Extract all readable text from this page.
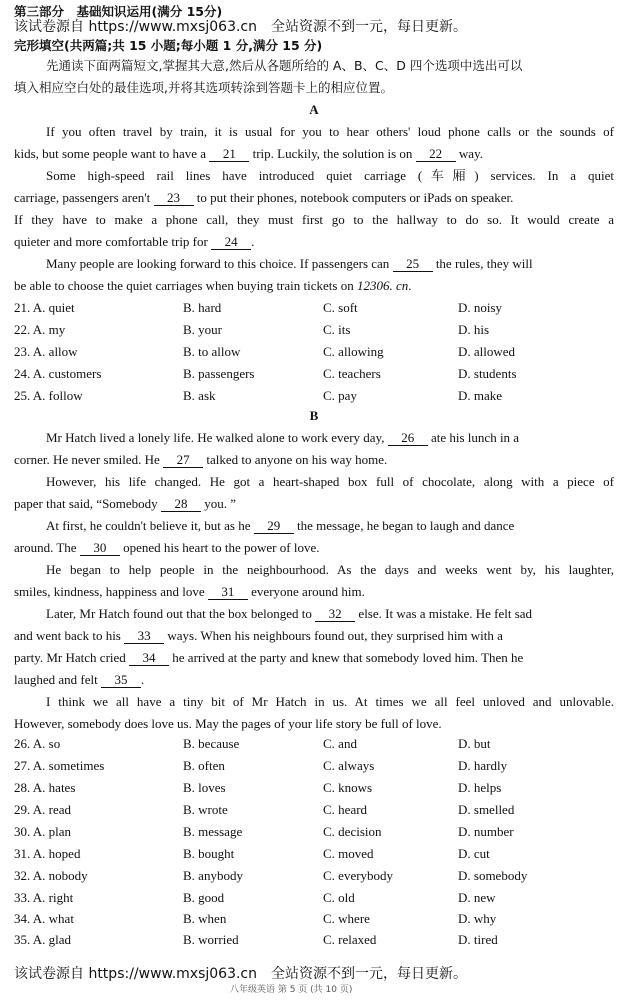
第三部分　基础知识运用(满分 15分)
该试卷源自 https://www.mxsj063.cn　全站资源不到一元，每日更新。
完形填空(共两篇;共 15 小题;每小题 1 分,满分 15 分)
先通读下面两篇短文,掌握其大意,然后从各题所给的 A、B、C、D 四个选项中选出可以
填入相应空白处的最佳选项,并将其选项转涂到答题卡上的相应位置。
A
If you often travel by train, it is usual for you to hear others' loud phone calls or the sounds of
kids, but some people want to have a 21 trip. Luckily, the solution is on 22 way.
Some high-speed rail lines have introduced quiet carriage (车厢) services. In a quiet
carriage, passengers aren't 23 to put their phones, notebook computers or iPads on speaker.
If they have to make a phone call, they must first go to the hallway to do so. It would create a
quieter and more comfortable trip for 24 .
Many people are looking forward to this choice. If passengers can 25 the rules, they will
be able to choose the quiet carriages when buying train tickets on 12306. cn.
21. A. quiet	B. hard	C. soft	D. noisy
22. A. my	B. your	C. its	D. his
23. A. allow	B. to allow	C. allowing	D. allowed
24. A. customers	B. passengers	C. teachers	D. students
25. A. follow	B. ask	C. pay	D. make
B
Mr Hatch lived a lonely life. He walked alone to work every day, 26 ate his lunch in a
corner. He never smiled. He 27 talked to anyone on his way home.
However, his life changed. He got a heart-shaped box full of chocolate, along with a piece of
paper that said, “Somebody 28 you. ”
At first, he couldn't believe it, but as he 29 the message, he began to laugh and dance
around. The 30 opened his heart to the power of love.
He began to help people in the neighbourhood. As the days and weeks went by, his laughter,
smiles, kindness, happiness and love 31 everyone around him.
Later, Mr Hatch found out that the box belonged to 32 else. It was a mistake. He felt sad
and went back to his 33 ways. When his neighbours found out, they surprised him with a
party. Mr Hatch cried 34 he arrived at the party and knew that somebody loved him. Then he
laughed and felt 35 .
I think we all have a tiny bit of Mr Hatch in us. At times we all feel unloved and unlovable.
However, somebody does love us. May the pages of your life story be full of love.
26. A. so	B. because	C. and	D. but
27. A. sometimes	B. often	C. always	D. hardly
28. A. hates	B. loves	C. knows	D. helps
29. A. read	B. wrote	C. heard	D. smelled
30. A. plan	B. message	C. decision	D. number
31. A. hoped	B. bought	C. moved	D. cut
32. A. nobody	B. anybody	C. everybody	D. somebody
33. A. right	B. good	C. old	D. new
34. A. what	B. when	C. where	D. why
35. A. glad	B. worried	C. relaxed	D. tired
该试卷源自 https://www.mxsj063.cn　全站资源不到一元，每日更新。
八年级英语 第 5 页 (共 10 页)
